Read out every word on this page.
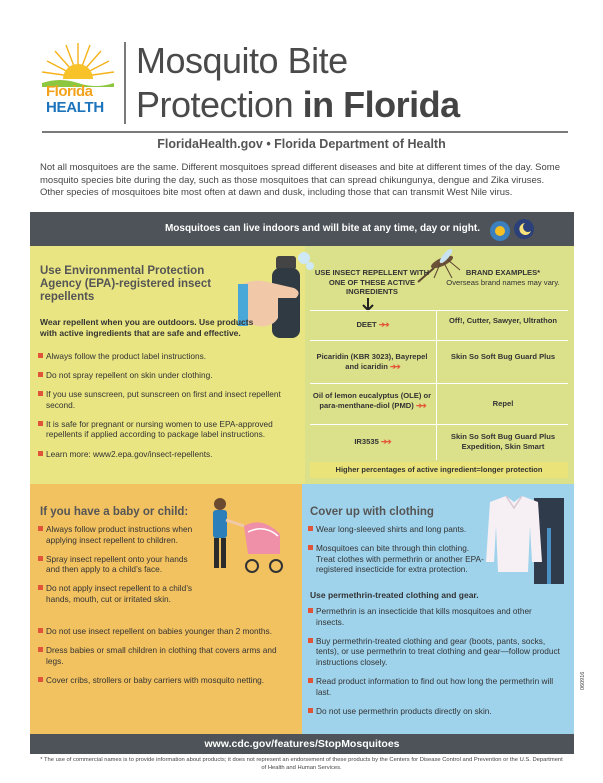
Florida
HEALTH
Mosquito Bite
Protection in Florida
FloridaHealth.gov • Florida Department of Health
Not all mosquitoes are the same. Different mosquitoes spread different diseases and bite at different times of the day. Some mosquito species bite during the day, such as those mosquitoes that can spread chikungunya, dengue and Zika viruses. Other species of mosquitoes bite most often at dawn and dusk, including those that can transmit West Nile virus.
Mosquitoes can live indoors and will bite at any time, day or night.
Use Environmental Protection Agency (EPA)-registered insect repellents
Wear repellent when you are outdoors. Use products with active ingredients that are safe and effective.
Always follow the product label instructions.
Do not spray repellent on skin under clothing.
If you use sunscreen, put sunscreen on first and insect repellent second.
It is safe for pregnant or nursing women to use EPA-approved repellents if applied according to package label instructions.
Learn more: www2.epa.gov/insect-repellents.
USE INSECT REPELLENT WITH ONE OF THESE ACTIVE INGREDIENTS
BRAND EXAMPLES*
Overseas brand names may vary.
DEET ➔➔	Off!, Cutter, Sawyer, Ultrathon
Picaridin (KBR 3023), Bayrepel and icaridin ➔➔
Skin So Soft Bug Guard Plus
Oil of lemon eucalyptus (OLE) or para-menthane-diol (PMD) ➔➔	Repel
IR3535 ➔➔
Skin So Soft Bug Guard Plus Expedition, Skin Smart
Higher percentages of active ingredient=longer protection
If you have a baby or child:
Always follow product instructions when applying insect repellent to children.
Spray insect repellent onto your hands and then apply to a child’s face.
Do not apply insect repellent to a child’s hands, mouth, cut or irritated skin.
Do not use insect repellent on babies younger than 2 months.
Dress babies or small children in clothing that covers arms and legs.
Cover cribs, strollers or baby carriers with mosquito netting.
Cover up with clothing
Wear long-sleeved shirts and long pants.
Mosquitoes can bite through thin clothing. Treat clothes with permethrin or another EPA-registered insecticide for extra protection.
Use permethrin-treated clothing and gear.
Permethrin is an insecticide that kills mosquitoes and other insects.
Buy permethrin-treated clothing and gear (boots, pants, socks, tents), or use permethrin to treat clothing and gear—follow product instructions closely.
Read product information to find out how long the permethrin will last.
Do not use permethrin products directly on skin.
060916
www.cdc.gov/features/StopMosquitoes
* The use of commercial names is to provide information about products; it does not represent an endorsement of these products by the Centers for Disease Control and Prevention or the U.S. Department of Health and Human Services.
